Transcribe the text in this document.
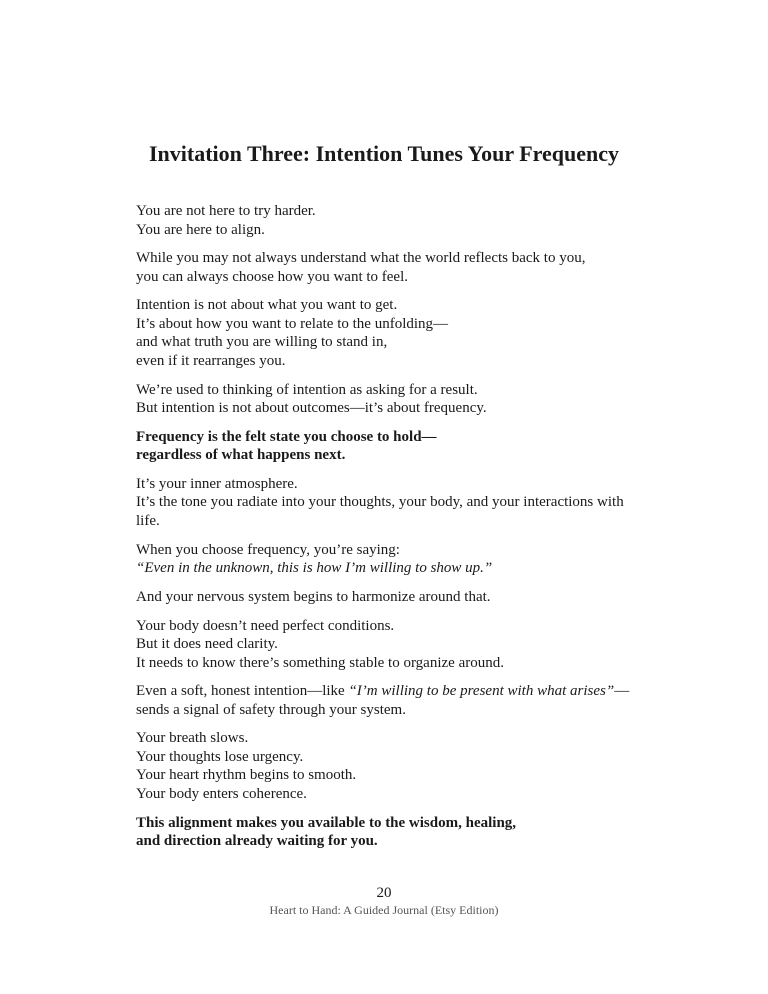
Invitation Three: Intention Tunes Your Frequency

You are not here to try harder.
You are here to align.

While you may not always understand what the world reflects back to you,
you can always choose how you want to feel.

Intention is not about what you want to get.
It’s about how you want to relate to the unfolding—
and what truth you are willing to stand in,
even if it rearranges you.

We’re used to thinking of intention as asking for a result.
But intention is not about outcomes—it’s about frequency.

Frequency is the felt state you choose to hold—
regardless of what happens next.

It’s your inner atmosphere.
It’s the tone you radiate into your thoughts, your body, and your interactions with life.

When you choose frequency, you’re saying:
“Even in the unknown, this is how I’m willing to show up.”

And your nervous system begins to harmonize around that.

Your body doesn’t need perfect conditions.
But it does need clarity.
It needs to know there’s something stable to organize around.

Even a soft, honest intention—like “I’m willing to be present with what arises”—
sends a signal of safety through your system.

Your breath slows.
Your thoughts lose urgency.
Your heart rhythm begins to smooth.
Your body enters coherence.

This alignment makes you available to the wisdom, healing,
and direction already waiting for you.

20
Heart to Hand: A Guided Journal (Etsy Edition)
